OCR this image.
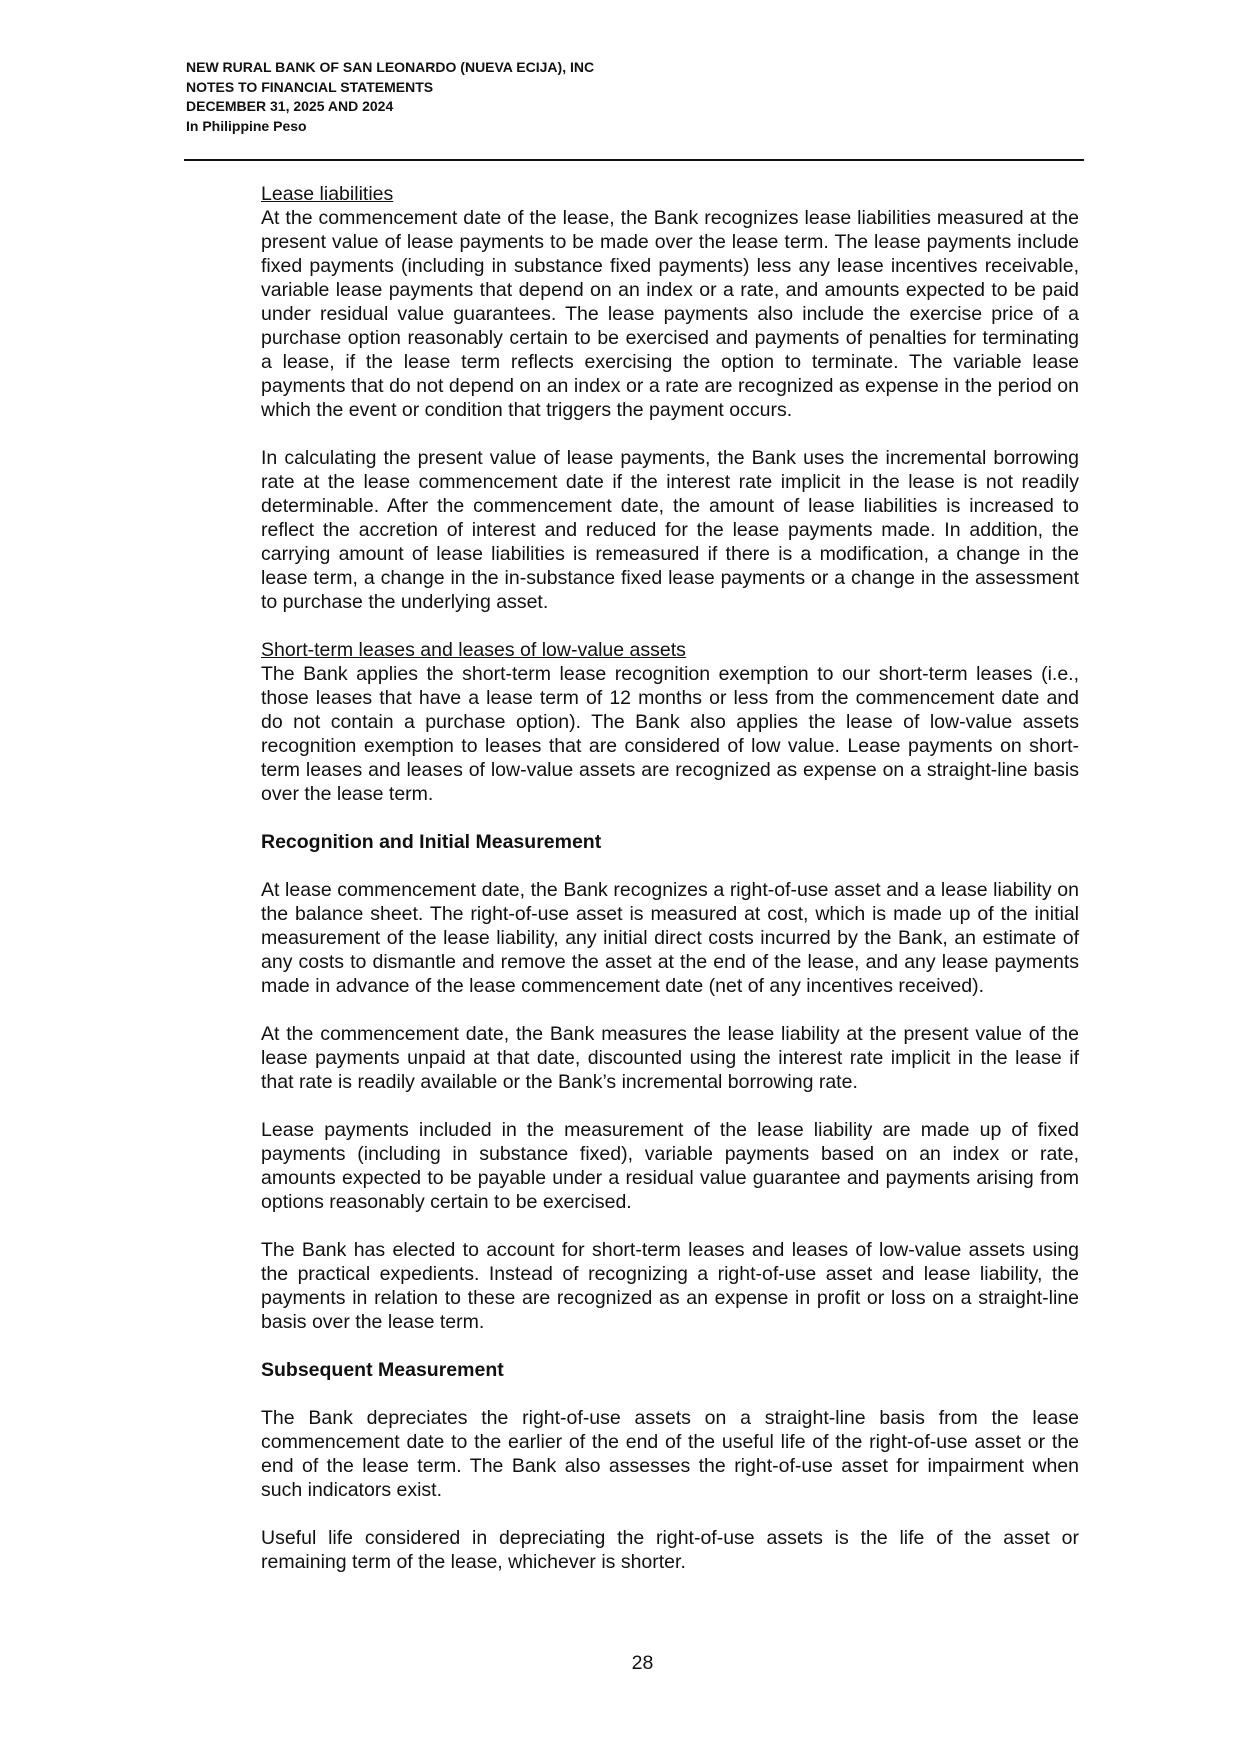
NEW RURAL BANK OF SAN LEONARDO (NUEVA ECIJA), INC
NOTES TO FINANCIAL STATEMENTS
DECEMBER 31, 2025 AND 2024
In Philippine Peso

Lease liabilities

At the commencement date of the lease, the Bank recognizes lease liabilities measured at the present value of lease payments to be made over the lease term. The lease payments include fixed payments (including in substance fixed payments) less any lease incentives receivable, variable lease payments that depend on an index or a rate, and amounts expected to be paid under residual value guarantees. The lease payments also include the exercise price of a purchase option reasonably certain to be exercised and payments of penalties for terminating a lease, if the lease term reflects exercising the option to terminate. The variable lease payments that do not depend on an index or a rate are recognized as expense in the period on which the event or condition that triggers the payment occurs.

In calculating the present value of lease payments, the Bank uses the incremental borrowing rate at the lease commencement date if the interest rate implicit in the lease is not readily determinable. After the commencement date, the amount of lease liabilities is increased to reflect the accretion of interest and reduced for the lease payments made. In addition, the carrying amount of lease liabilities is remeasured if there is a modification, a change in the lease term, a change in the in-substance fixed lease payments or a change in the assessment to purchase the underlying asset.

Short-term leases and leases of low-value assets

The Bank applies the short-term lease recognition exemption to our short-term leases (i.e., those leases that have a lease term of 12 months or less from the commencement date and do not contain a purchase option). The Bank also applies the lease of low-value assets recognition exemption to leases that are considered of low value. Lease payments on short-term leases and leases of low-value assets are recognized as expense on a straight-line basis over the lease term.

Recognition and Initial Measurement

At lease commencement date, the Bank recognizes a right-of-use asset and a lease liability on the balance sheet. The right-of-use asset is measured at cost, which is made up of the initial measurement of the lease liability, any initial direct costs incurred by the Bank, an estimate of any costs to dismantle and remove the asset at the end of the lease, and any lease payments made in advance of the lease commencement date (net of any incentives received).

At the commencement date, the Bank measures the lease liability at the present value of the lease payments unpaid at that date, discounted using the interest rate implicit in the lease if that rate is readily available or the Bank’s incremental borrowing rate.

Lease payments included in the measurement of the lease liability are made up of fixed payments (including in substance fixed), variable payments based on an index or rate, amounts expected to be payable under a residual value guarantee and payments arising from options reasonably certain to be exercised.

The Bank has elected to account for short-term leases and leases of low-value assets using the practical expedients. Instead of recognizing a right-of-use asset and lease liability, the payments in relation to these are recognized as an expense in profit or loss on a straight-line basis over the lease term.

Subsequent Measurement

The Bank depreciates the right-of-use assets on a straight-line basis from the lease commencement date to the earlier of the end of the useful life of the right-of-use asset or the end of the lease term. The Bank also assesses the right-of-use asset for impairment when such indicators exist.

Useful life considered in depreciating the right-of-use assets is the life of the asset or remaining term of the lease, whichever is shorter.

28
